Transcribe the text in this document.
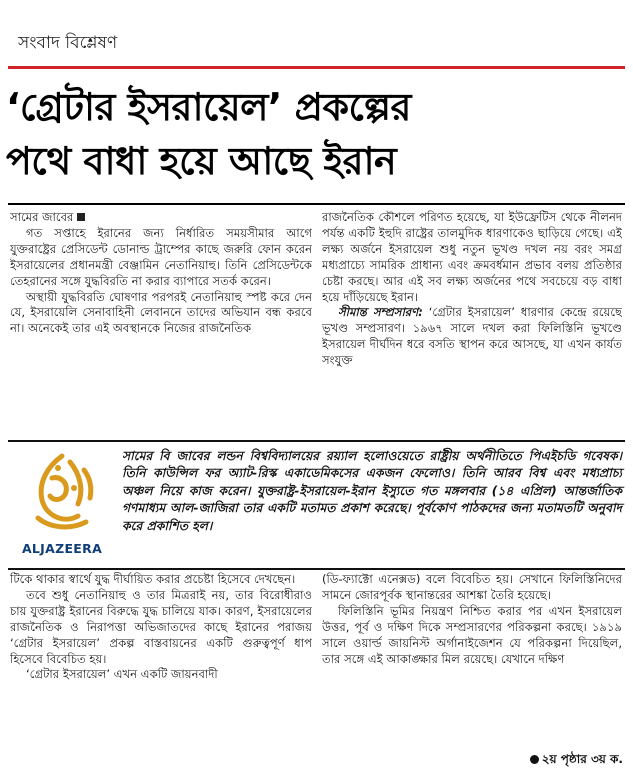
সংবাদ বিশ্লেষণ
‘গ্রেটার ইসরায়েল’ প্রকল্পের
পথে বাধা হয়ে আছে ইরান

সামের জাবের

গত সপ্তাহে ইরানের জন্য নির্ধারিত সময়সীমার আগে যুক্তরাষ্ট্রের প্রেসিডেন্ট ডোনাল্ড ট্রাম্পের কাছে জরুরি ফোন করেন ইসরায়েলের প্রধানমন্ত্রী বেঞ্জামিন নেতানিয়াহু। তিনি প্রেসিডেন্টকে তেহরানের সঙ্গে যুদ্ধবিরতি না করার ব্যাপারে সতর্ক করেন।

অস্থায়ী যুদ্ধবিরতি ঘোষণার পরপরই নেতানিয়াহু স্পষ্ট করে দেন যে, ইসরায়েলি সেনাবাহিনী লেবাননে তাদের অভিযান বন্ধ করবে না। অনেকেই তার এই অবস্থানকে নিজের রাজনৈতিক

রাজনৈতিক কৌশলে পরিণত হয়েছে, যা ইউফ্রেটিস থেকে নীলনদ পর্যন্ত একটি ইহুদি রাষ্ট্রের তালমুদিক ধারণাকেও ছাড়িয়ে গেছে। এই লক্ষ্য অর্জনে ইসরায়েল শুধু নতুন ভূখণ্ড দখল নয় বরং সমগ্র মধ্যপ্রাচ্যে সামরিক প্রাধান্য এবং ক্রমবর্ধমান প্রভাব বলয় প্রতিষ্ঠার চেষ্টা করছে। আর এই সব লক্ষ্য অর্জনের পথে সবচেয়ে বড় বাধা হয়ে দাঁড়িয়েছে ইরান।

সীমান্ত সম্প্রসারণ: ‘গ্রেটার ইসরায়েল’ ধারণার কেন্দ্রে রয়েছে ভূখণ্ড সম্প্রসারণ। ১৯৬৭ সালে দখল করা ফিলিস্তিনি ভূখণ্ডে ইসরায়েল দীর্ঘদিন ধরে বসতি স্থাপন করে আসছে, যা এখন কার্যত সংযুক্ত

ALJAZEERA
সামের বি জাবের লন্ডন বিশ্ববিদ্যালয়ের রয়্যাল হলোওয়েতে রাষ্ট্রীয় অর্থনীতিতে পিএইচডি গবেষক। তিনি কাউন্সিল ফর অ্যাট-রিস্ক একাডেমিকসের একজন ফেলোও। তিনি আরব বিশ্ব এবং মধ্যপ্রাচ্য অঞ্চল নিয়ে কাজ করেন। যুক্তরাষ্ট্র-ইসরায়েল-ইরান ইস্যুতে গত মঙ্গলবার (১৪ এপ্রিল) আন্তর্জাতিক গণমাধ্যম আল-জাজিরা তার একটি মতামত প্রকাশ করেছে। পূর্বকোণ পাঠকদের জন্য মতামতটি অনুবাদ করে প্রকাশিত হল।

টিকে থাকার স্বার্থে যুদ্ধ দীর্ঘায়িত করার প্রচেষ্টা হিসেবে দেখছেন।

তবে শুধু নেতানিয়াহু ও তার মিত্ররাই নয়, তার বিরোধীরাও চায় যুক্তরাষ্ট্র ইরানের বিরুদ্ধে যুদ্ধ চালিয়ে যাক। কারণ, ইসরায়েলের রাজনৈতিক ও নিরাপত্তা অভিজাতদের কাছে ইরানের পরাজয় ‘গ্রেটার ইসরায়েল’ প্রকল্প বাস্তবায়নের একটি গুরুত্বপূর্ণ ধাপ হিসেবে বিবেচিত হয়।

‘গ্রেটার ইসরায়েল’ এখন একটি জায়নবাদী

(ডি-ফ্যাক্টো এনেক্সড) বলে বিবেচিত হয়। সেখানে ফিলিস্তিনিদের সামনে জোরপূর্বক স্থানান্তরের আশঙ্কা তৈরি হয়েছে।

ফিলিস্তিনি ভূমির নিয়ন্ত্রণ নিশ্চিত করার পর এখন ইসরায়েল উত্তর, পূর্ব ও দক্ষিণ দিকে সম্প্রসারণের পরিকল্পনা করছে। ১৯১৯ সালে ওয়ার্ল্ড জায়নিস্ট অর্গানাইজেশন যে পরিকল্পনা দিয়েছিল, তার সঙ্গে এই আকাঙ্ক্ষার মিল রয়েছে। যেখানে দক্ষিণ

২য় পৃষ্ঠার ৩য় ক.
